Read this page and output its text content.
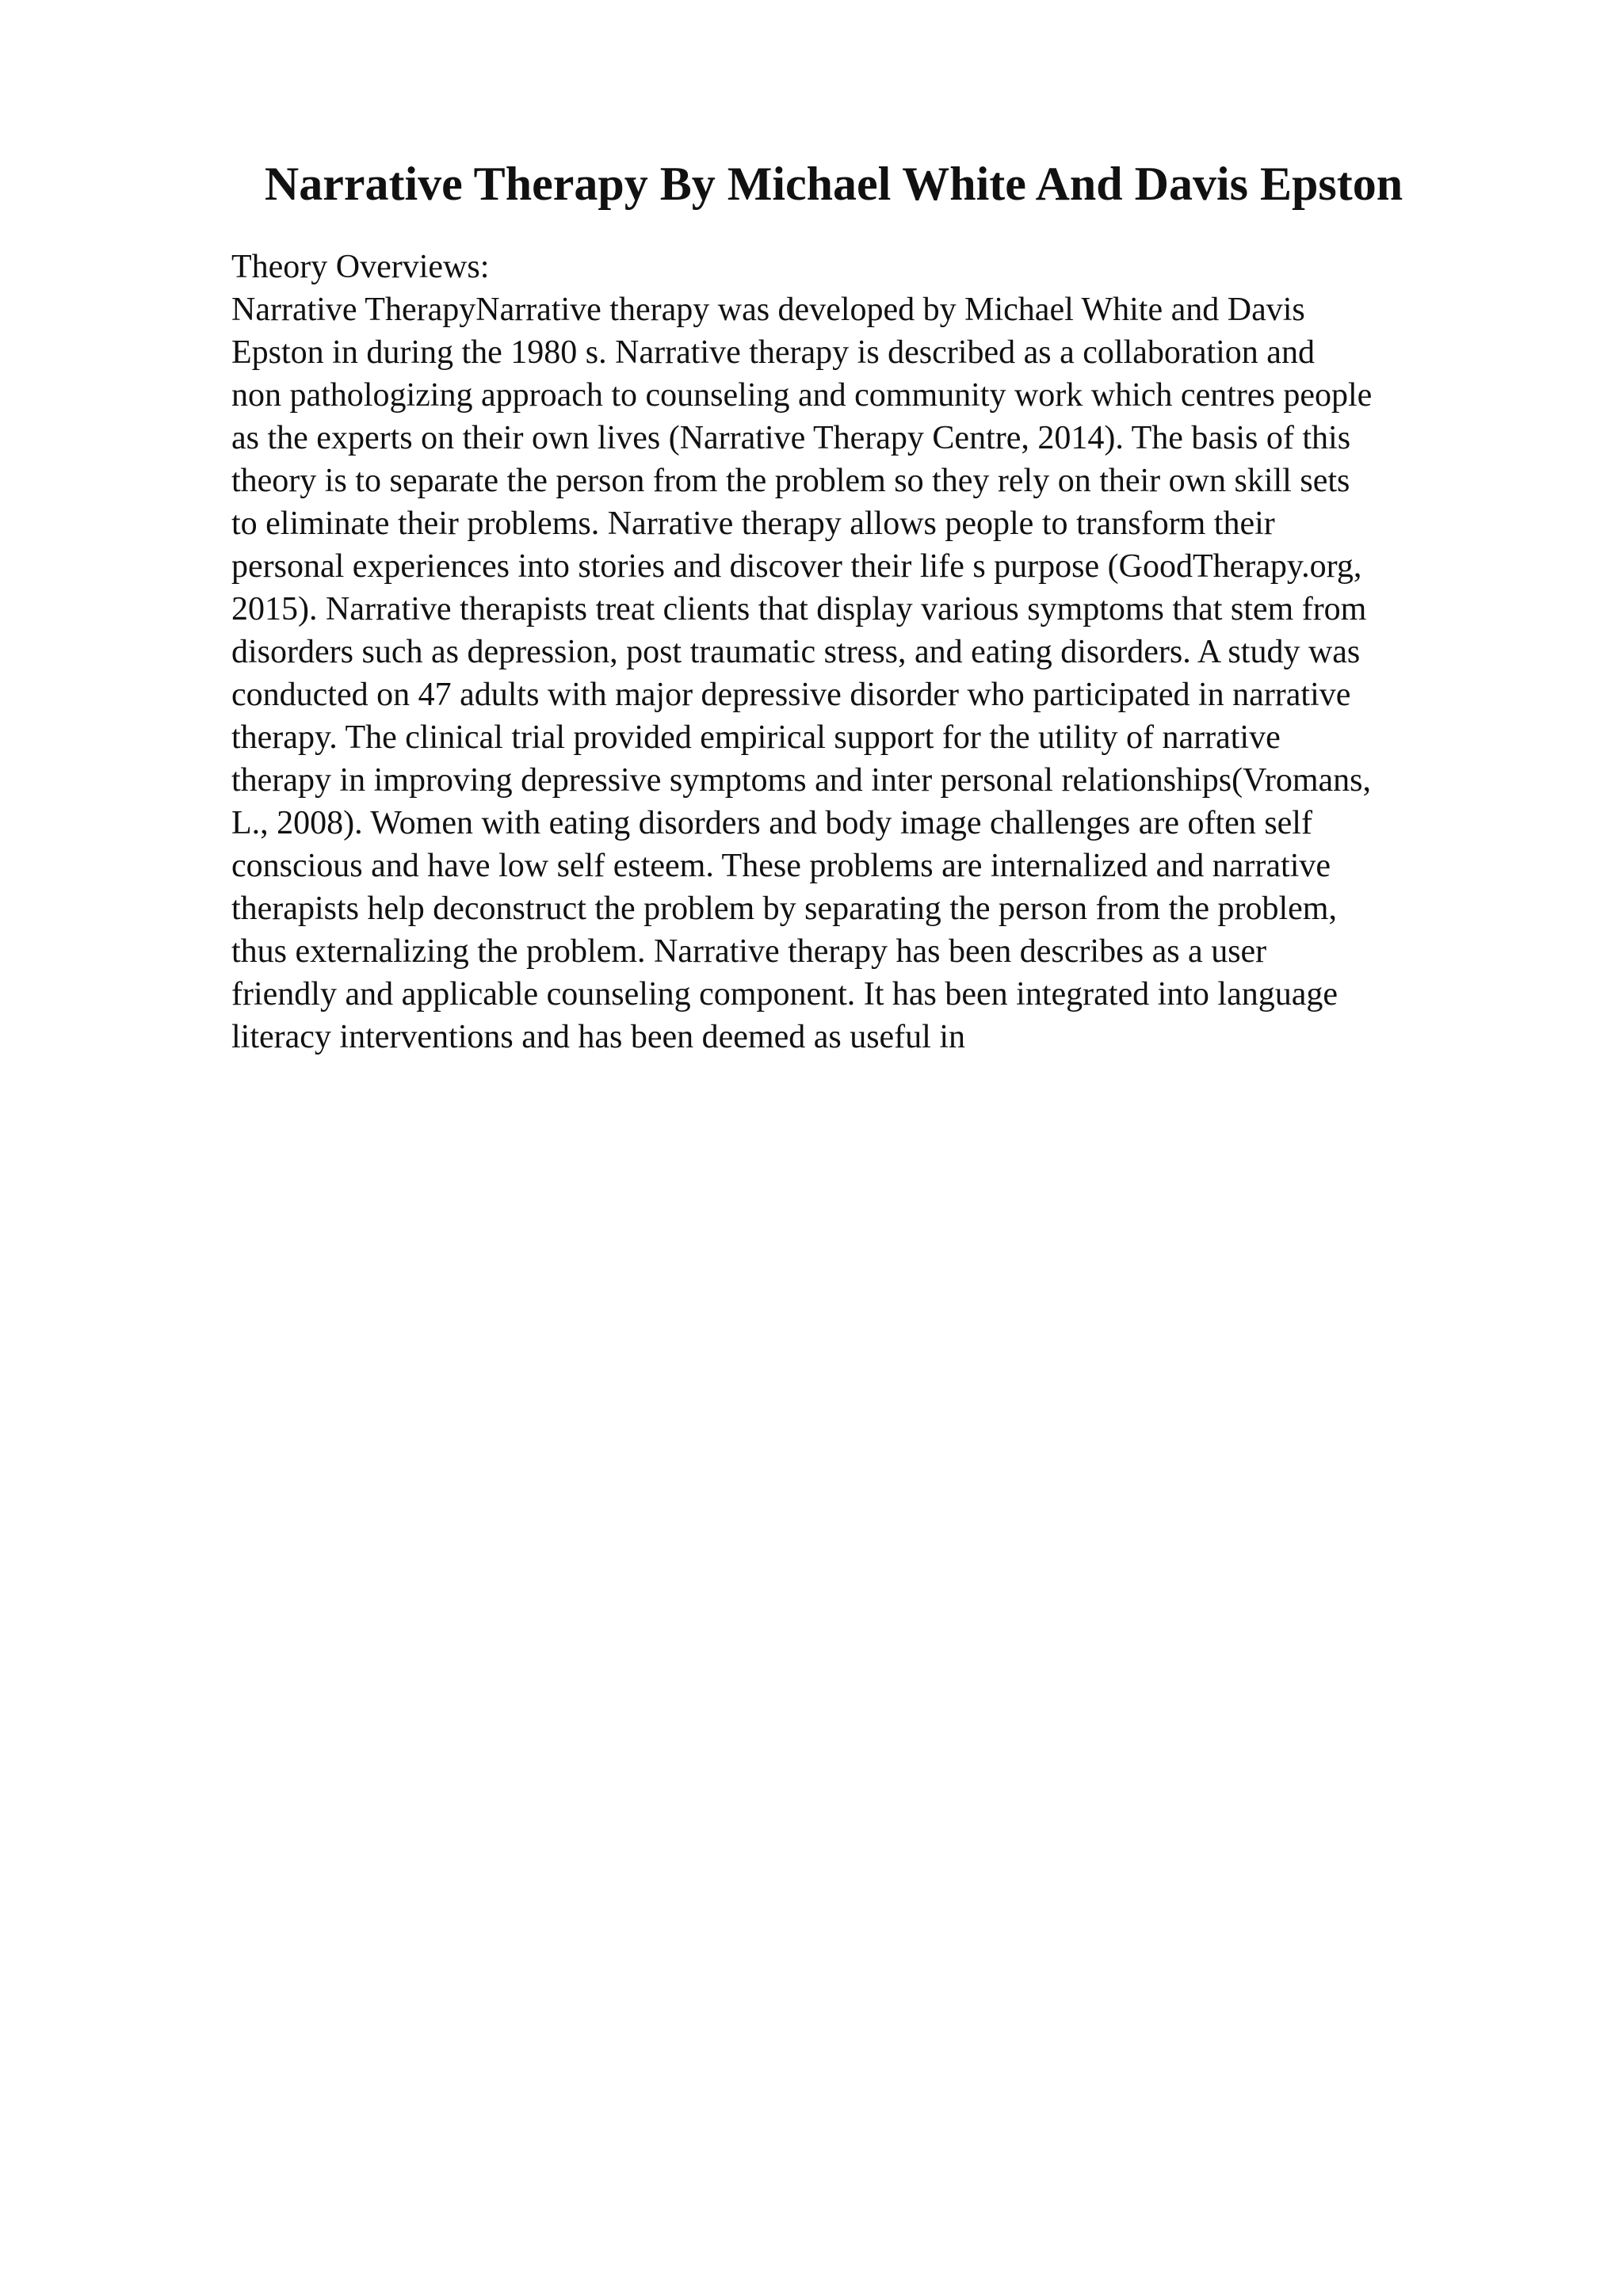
Narrative Therapy By Michael White And Davis Epston
Theory Overviews:
Narrative TherapyNarrative therapy was developed by Michael White and Davis
Epston in during the 1980 s. Narrative therapy is described as a collaboration and
non pathologizing approach to counseling and community work which centres people
as the experts on their own lives (Narrative Therapy Centre, 2014). The basis of this
theory is to separate the person from the problem so they rely on their own skill sets
to eliminate their problems. Narrative therapy allows people to transform their
personal experiences into stories and discover their life s purpose (GoodTherapy.org,
2015). Narrative therapists treat clients that display various symptoms that stem from
disorders such as depression, post traumatic stress, and eating disorders. A study was
conducted on 47 adults with major depressive disorder who participated in narrative
therapy. The clinical trial provided empirical support for the utility of narrative
therapy in improving depressive symptoms and inter personal relationships(Vromans,
L., 2008). Women with eating disorders and body image challenges are often self
conscious and have low self esteem. These problems are internalized and narrative
therapists help deconstruct the problem by separating the person from the problem,
thus externalizing the problem. Narrative therapy has been describes as a user
friendly and applicable counseling component. It has been integrated into language
literacy interventions and has been deemed as useful in
